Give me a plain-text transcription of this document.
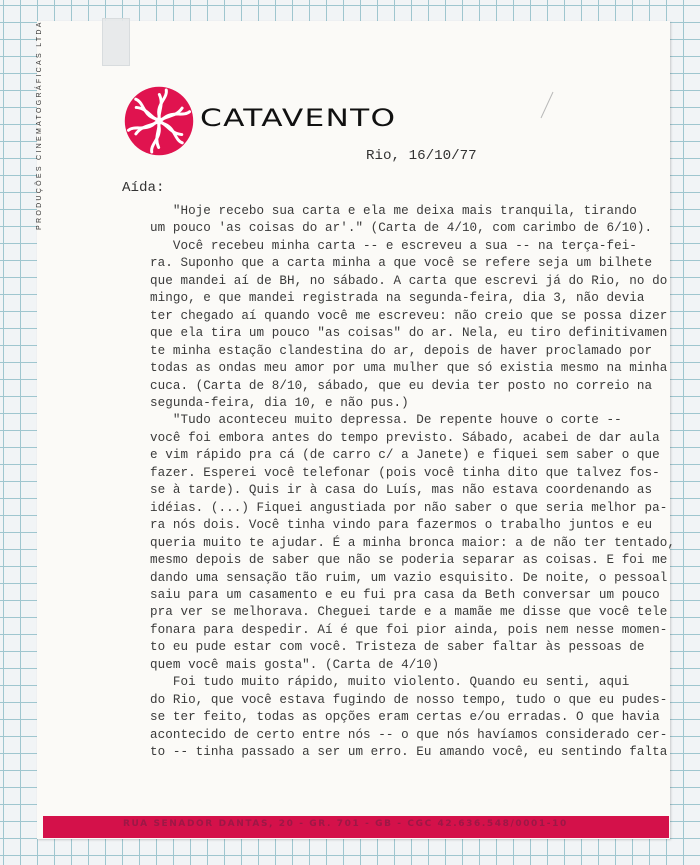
PRODUÇÕES CINEMATOGRÁFICAS LTDA	CATAVENTO
Rio, 16/10/77
Aída:
"Hoje recebo sua carta e ela me deixa mais tranquila, tirando
um pouco 'as coisas do ar'." (Carta de 4/10, com carimbo de 6/10).
Você recebeu minha carta -- e escreveu a sua -- na terça-fei-
ra. Suponho que a carta minha a que você se refere seja um bilhete
que mandei aí de BH, no sábado. A carta que escrevi já do Rio, no do
mingo, e que mandei registrada na segunda-feira, dia 3, não devia
ter chegado aí quando você me escreveu: não creio que se possa dizer
que ela tira um pouco "as coisas" do ar. Nela, eu tiro definitivamen
te minha estação clandestina do ar, depois de haver proclamado por
todas as ondas meu amor por uma mulher que só existia mesmo na minha
cuca. (Carta de 8/10, sábado, que eu devia ter posto no correio na
segunda-feira, dia 10, e não pus.)
"Tudo aconteceu muito depressa. De repente houve o corte --
você foi embora antes do tempo previsto. Sábado, acabei de dar aula
e vim rápido pra cá (de carro c/ a Janete) e fiquei sem saber o que
fazer. Esperei você telefonar (pois você tinha dito que talvez fos-
se à tarde). Quis ir à casa do Luís, mas não estava coordenando as
idéias. (...) Fiquei angustiada por não saber o que seria melhor pa-
ra nós dois. Você tinha vindo para fazermos o trabalho juntos e eu
queria muito te ajudar. É a minha bronca maior: a de não ter tentado,
mesmo depois de saber que não se poderia separar as coisas. E foi me
dando uma sensação tão ruim, um vazio esquisito. De noite, o pessoal
saiu para um casamento e eu fui pra casa da Beth conversar um pouco
pra ver se melhorava. Cheguei tarde e a mamãe me disse que você tele
fonara para despedir. Aí é que foi pior ainda, pois nem nesse momen-
to eu pude estar com você. Tristeza de saber faltar às pessoas de
quem você mais gosta". (Carta de 4/10)
Foi tudo muito rápido, muito violento. Quando eu senti, aqui
do Rio, que você estava fugindo de nosso tempo, tudo o que eu pudes-
se ter feito, todas as opções eram certas e/ou erradas. O que havia
acontecido de certo entre nós -- o que nós havíamos considerado cer-
to -- tinha passado a ser um erro. Eu amando você, eu sentindo falta
RUA SENADOR DANTAS, 20 - GR. 701 - GB - CGC 42.636.548/0001-10
